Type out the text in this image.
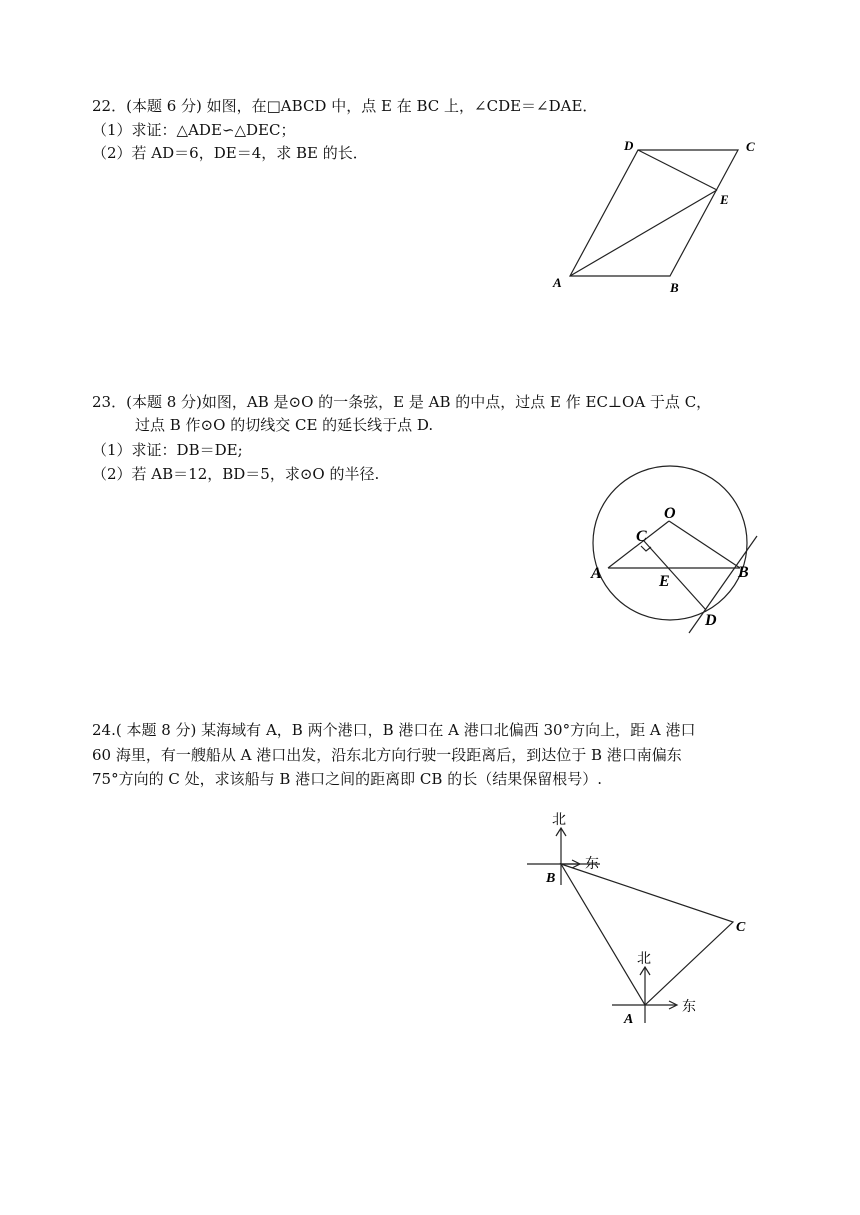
22．(本题 6 分) 如图，在□ABCD 中，点 E 在 BC 上，∠CDE＝∠DAE．
（1）求证：△ADE∽△DEC；
（2）若 AD＝6，DE＝4，求 BE 的长．	D	C
E
A	B
23．(本题 8 分)如图，AB 是⊙O 的一条弦，E 是 AB 的中点，过点 E 作 EC⊥OA 于点 C，
过点 B 作⊙O 的切线交 CE 的延长线于点 D.
（1）求证：DB＝DE;
（2）若 AB＝12，BD＝5，求⊙O 的半径.
O
C
A	E
B
D
24.( 本题 8 分) 某海域有 A，B 两个港口，B 港口在 A 港口北偏西 30°方向上，距 A 港口
60 海里，有一艘船从 A 港口出发，沿东北方向行驶一段距离后，到达位于 B 港口南偏东
75°方向的 C 处，求该船与 B 港口之间的距离即 CB 的长（结果保留根号）.
北
东
B
C
北
东
A
